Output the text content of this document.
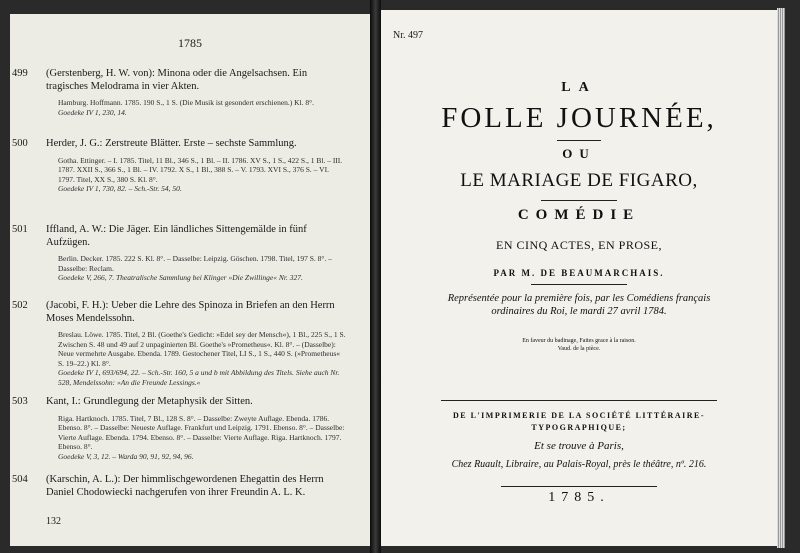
1785
499	(Gerstenberg, H. W. von): Minona oder die Angelsachsen. Ein tragisches Melodrama in vier Akten.

Hamburg. Hoffmann. 1785. 190 S., 1 S. (Die Musik ist gesondert erschienen.) Kl. 8°.
Goedeke IV 1, 230, 14.

500	Herder, J. G.: Zerstreute Blätter. Erste – sechste Sammlung.

Gotha. Ettinger. – I. 1785. Titel, 11 Bl., 346 S., 1 Bl. – II. 1786. XV S., 1 S., 422 S., 1 Bl. – III. 1787. XXII S., 366 S., 1 Bl. – IV. 1792. X S., 1 Bl., 388 S. – V. 1793. XVI S., 376 S. – VI. 1797. Titel, XX S., 380 S. Kl. 8°.
Goedeke IV 1, 730, 82. – Sch.-Str. 54, 50.

501	Iffland, A. W.: Die Jäger. Ein ländliches Sittengemälde in fünf Aufzügen.

Berlin. Decker. 1785. 222 S. Kl. 8°. – Dasselbe: Leipzig. Göschen. 1798. Titel, 197 S. 8°. – Dasselbe: Reclam.
Goedeke V, 266, 7. Theatralische Sammlung bei Klinger »Die Zwillinge« Nr. 327.

502	(Jacobi, F. H.): Ueber die Lehre des Spinoza in Briefen an den Herrn Moses Mendelssohn.

Breslau. Löwe. 1785. Titel, 2 Bl. (Goethe's Gedicht: »Edel sey der Mensch«), 1 Bl., 225 S., 1 S. Zwischen S. 48 und 49 auf 2 unpaginierten Bl. Goethe's »Prometheus«. Kl. 8°. – (Dasselbe): Neue vermehrte Ausgabe. Ebenda. 1789. Gestochener Titel, LI S., 1 S., 440 S. (»Prometheus« S. 19–22.) Kl. 8°.
Goedeke IV 1, 693/694, 22. – Sch.-Str. 160, 5 a und b mit Abbildung des Titels. Siehe auch Nr. 528, Mendelssohn: »An die Freunde Lessings.«

503	Kant, I.: Grundlegung der Metaphysik der Sitten.

Riga. Hartknoch. 1785. Titel, 7 Bl., 128 S. 8°. – Dasselbe: Zweyte Auflage. Ebenda. 1786. Ebenso. 8°. – Dasselbe: Neueste Auflage. Frankfurt und Leipzig. 1791. Ebenso. 8°. – Dasselbe: Vierte Auflage. Ebenda. 1794. Ebenso. 8°. – Dasselbe: Vierte Auflage. Riga. Hartknoch. 1797. Ebenso. 8°.
Goedeke V, 3, 12. – Warda 90, 91, 92, 94, 96.

504	(Karschin, A. L.): Der himmlischgewordenen Ehegattin des Herrn Daniel Chodowiecki nachgerufen von ihrer Freundin A. L. K.

132
Nr. 497
LA
FOLLE JOURNÉE,
OU
LE MARIAGE DE FIGARO,
COMÉDIE
EN CINQ ACTES, EN PROSE,
PAR M. DE BEAUMARCHAIS.
Représentée pour la première fois, par les Comédiens français ordinaires du Roi, le mardi 27 avril 1784.
En faveur du badinage, Faites grace à la raison. Vaud. de la pièce.
DE L'IMPRIMERIE DE LA SOCIÉTÉ LITTÉRAIRE-TYPOGRAPHIQUE;
Et se trouve à Paris,
Chez Ruault, Libraire, au Palais-Royal, près le théâtre, nº. 216.
1785.
